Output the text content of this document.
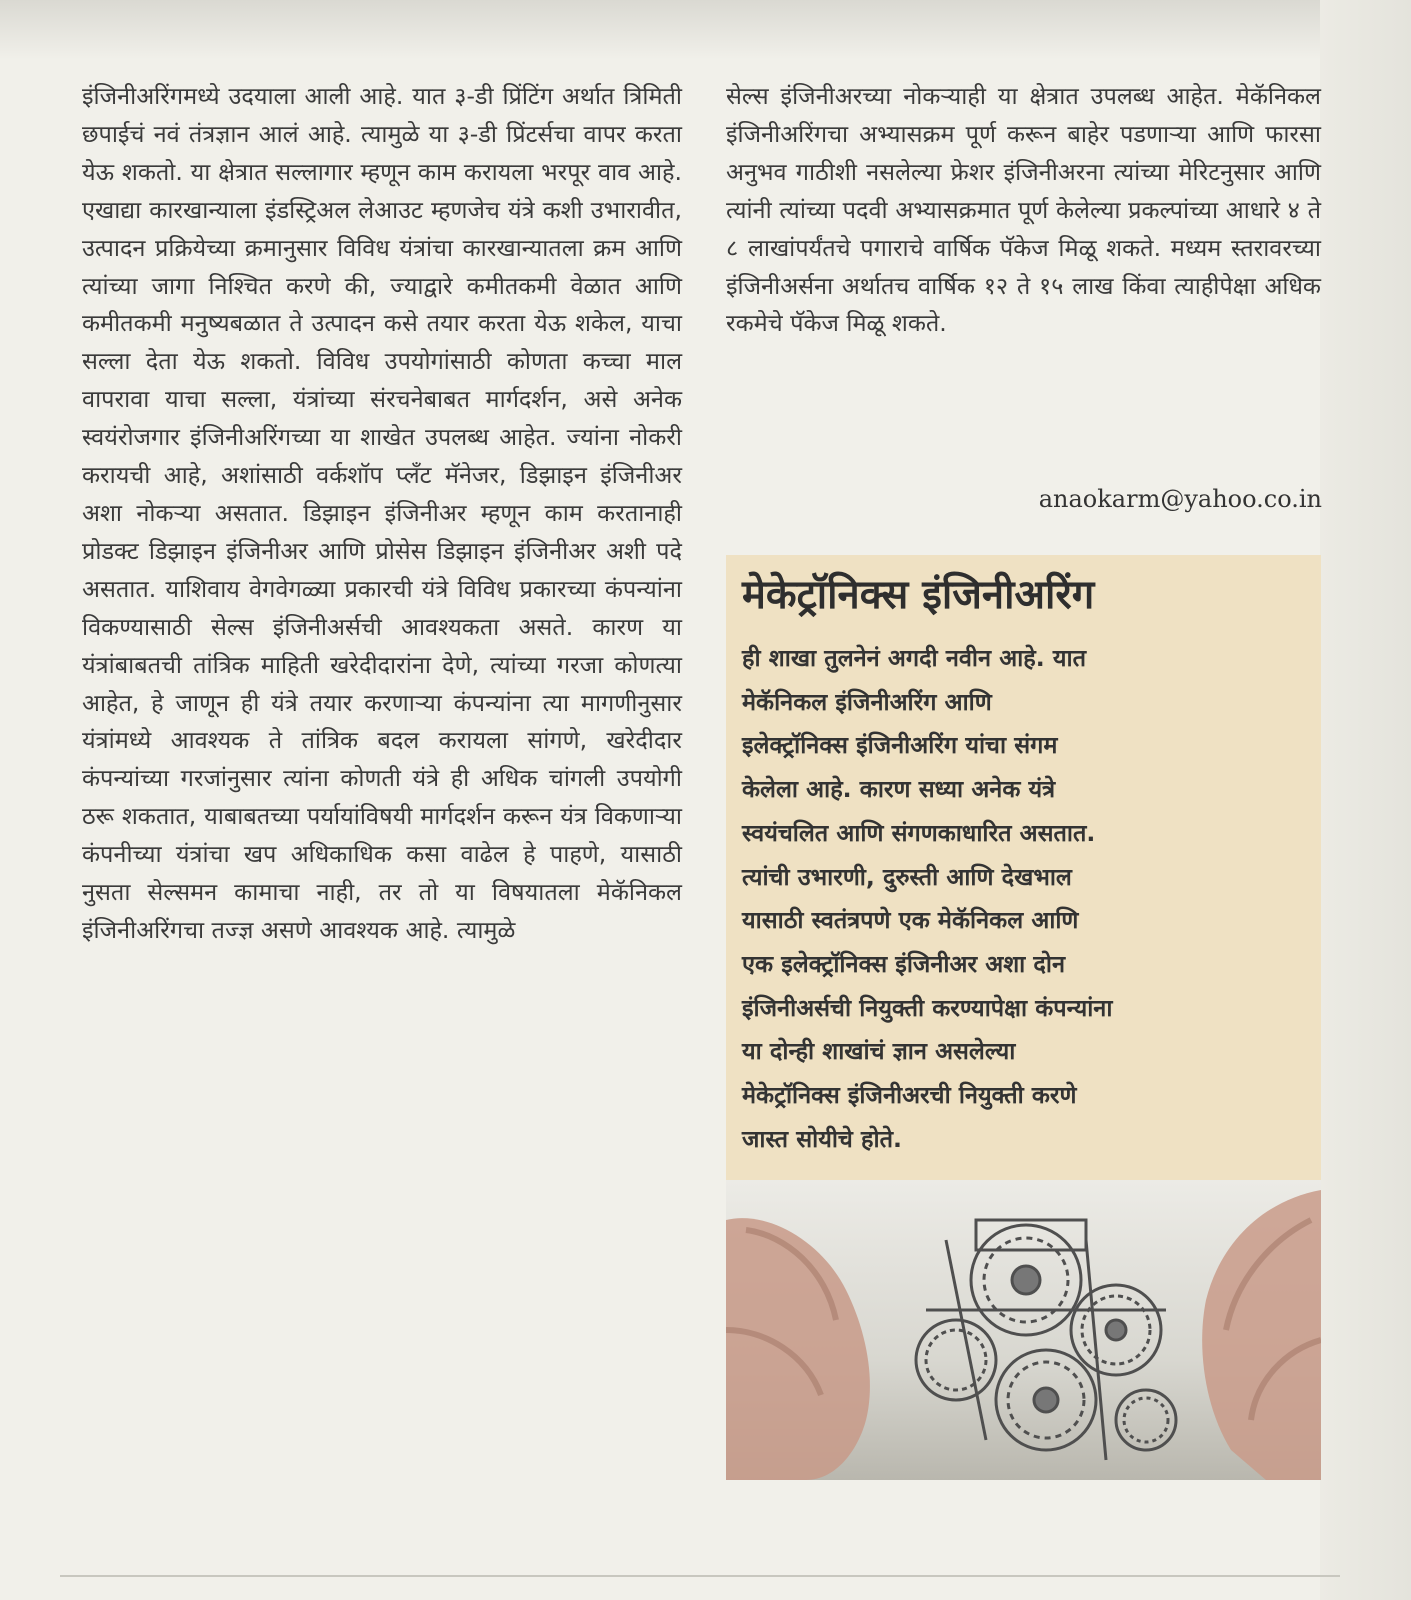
इंजिनीअरिंगमध्ये उदयाला आली आहे. यात ३-डी प्रिंटिंग अर्थात त्रिमिती छपाईचं नवं तंत्रज्ञान आलं आहे. त्यामुळे या ३-डी प्रिंटर्सचा वापर करता येऊ शकतो. या क्षेत्रात सल्लागार म्हणून काम करायला भरपूर वाव आहे. एखाद्या कारखान्याला इंडस्ट्रिअल लेआउट म्हणजेच यंत्रे कशी उभारावीत, उत्पादन प्रक्रियेच्या क्रमानुसार विविध यंत्रांचा कारखान्यातला क्रम आणि त्यांच्या जागा निश्चित करणे की, ज्याद्वारे कमीतकमी वेळात आणि कमीतकमी मनुष्यबळात ते उत्पादन कसे तयार करता येऊ शकेल, याचा सल्ला देता येऊ शकतो. विविध उपयोगांसाठी कोणता कच्चा माल वापरावा याचा सल्ला, यंत्रांच्या संरचनेबाबत मार्गदर्शन, असे अनेक स्वयंरोजगार इंजिनीअरिंगच्या या शाखेत उपलब्ध आहेत. ज्यांना नोकरी करायची आहे, अशांसाठी वर्कशॉप प्लँट मॅनेजर, डिझाइन इंजिनीअर अशा नोकऱ्या असतात. डिझाइन इंजिनीअर म्हणून काम करतानाही प्रोडक्ट डिझाइन इंजिनीअर आणि प्रोसेस डिझाइन इंजिनीअर अशी पदे असतात. याशिवाय वेगवेगळ्या प्रकारची यंत्रे विविध प्रकारच्या कंपन्यांना विकण्यासाठी सेल्स इंजिनीअर्सची आवश्यकता असते. कारण या यंत्रांबाबतची तांत्रिक माहिती खरेदीदारांना देणे, त्यांच्या गरजा कोणत्या आहेत, हे जाणून ही यंत्रे तयार करणाऱ्या कंपन्यांना त्या मागणीनुसार यंत्रांमध्ये आवश्यक ते तांत्रिक बदल करायला सांगणे, खरेदीदार कंपन्यांच्या गरजांनुसार त्यांना कोणती यंत्रे ही अधिक चांगली उपयोगी ठरू शकतात, याबाबतच्या पर्यायांविषयी मार्गदर्शन करून यंत्र विकणाऱ्या कंपनीच्या यंत्रांचा खप अधिकाधिक कसा वाढेल हे पाहणे, यासाठी नुसता सेल्समन कामाचा नाही, तर तो या विषयातला मेकॅनिकल इंजिनीअरिंगचा तज्ज्ञ असणे आवश्यक आहे. त्यामुळे

सेल्स इंजिनीअरच्या नोकऱ्याही या क्षेत्रात उपलब्ध आहेत. मेकॅनिकल इंजिनीअरिंगचा अभ्यासक्रम पूर्ण करून बाहेर पडणाऱ्या आणि फारसा अनुभव गाठीशी नसलेल्या फ्रेशर इंजिनीअरना त्यांच्या मेरिटनुसार आणि त्यांनी त्यांच्या पदवी अभ्यासक्रमात पूर्ण केलेल्या प्रकल्पांच्या आधारे ४ ते ८ लाखांपर्यंतचे पगाराचे वार्षिक पॅकेज मिळू शकते. मध्यम स्तरावरच्या इंजिनीअर्सना अर्थातच वार्षिक १२ ते १५ लाख किंवा त्याहीपेक्षा अधिक रकमेचे पॅकेज मिळू शकते.

anaokarm@yahoo.co.in
मेकेट्रॉनिक्स इंजिनीअरिंग
ही शाखा तुलनेनं अगदी नवीन आहे. यात
मेकॅनिकल इंजिनीअरिंग आणि
इलेक्ट्रॉनिक्स इंजिनीअरिंग यांचा संगम
केलेला आहे. कारण सध्या अनेक यंत्रे
स्वयंचलित आणि संगणकाधारित असतात.
त्यांची उभारणी, दुरुस्ती आणि देखभाल
यासाठी स्वतंत्रपणे एक मेकॅनिकल आणि
एक इलेक्ट्रॉनिक्स इंजिनीअर अशा दोन
इंजिनीअर्सची नियुक्ती करण्यापेक्षा कंपन्यांना
या दोन्ही शाखांचं ज्ञान असलेल्या
मेकेट्रॉनिक्स इंजिनीअरची नियुक्ती करणे
जास्त सोयीचे होते.
